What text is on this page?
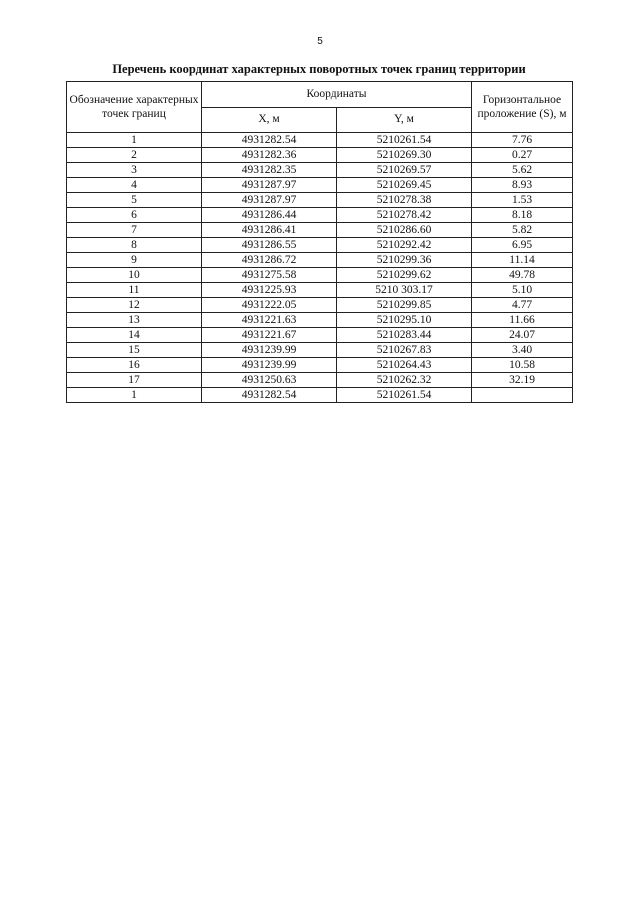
5
Перечень координат характерных поворотных точек границ территории
Обозначение характерных точек границ	Координаты		Горизонтальное проложение (S), м
	X, м	Y, м	
1	4931282.54	5210261.54	7.76
2	4931282.36	5210269.30	0.27
3	4931282.35	5210269.57	5.62
4	4931287.97	5210269.45	8.93
5	4931287.97	5210278.38	1.53
6	4931286.44	5210278.42	8.18
7	4931286.41	5210286.60	5.82
8	4931286.55	5210292.42	6.95
9	4931286.72	5210299.36	11.14
10	4931275.58	5210299.62	49.78
11	4931225.93	5210 303.17	5.10
12	4931222.05	5210299.85	4.77
13	4931221.63	5210295.10	11.66
14	4931221.67	5210283.44	24.07
15	4931239.99	5210267.83	3.40
16	4931239.99	5210264.43	10.58
17	4931250.63	5210262.32	32.19
1	4931282.54	5210261.54	
